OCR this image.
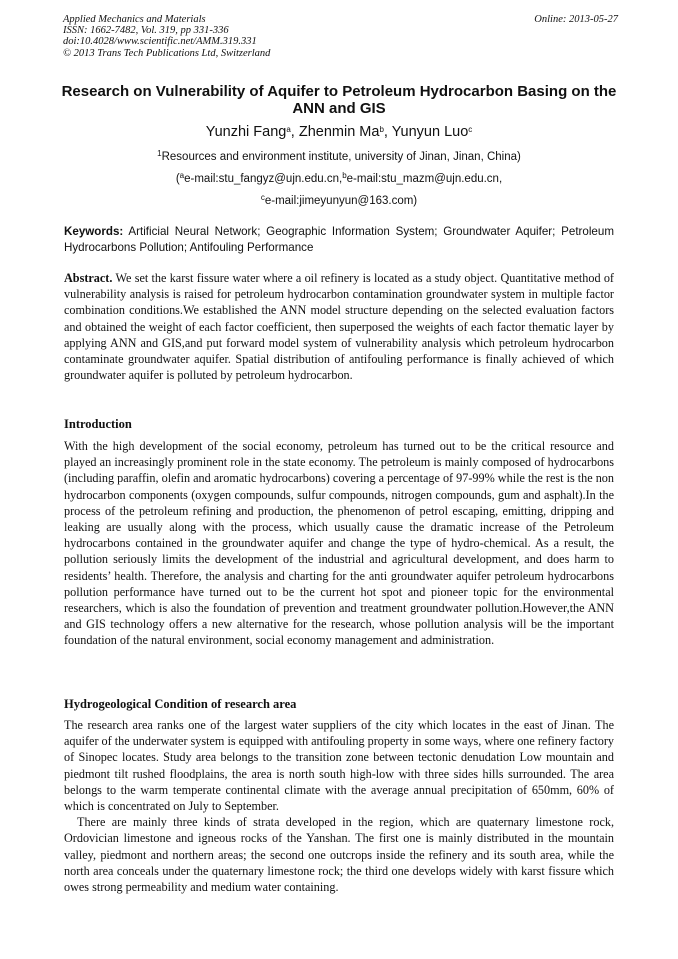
Applied Mechanics and Materials
ISSN: 1662-7482, Vol. 319, pp 331-336
doi:10.4028/www.scientific.net/AMM.319.331
© 2013 Trans Tech Publications Ltd, Switzerland
Online: 2013-05-27
Research on Vulnerability of Aquifer to Petroleum Hydrocarbon Basing on the ANN and GIS
Yunzhi Fang$^a$, Zhenmin Ma$^b$, Yunyun Luo$^c$
$^1$Resources and environment institute, university of Jinan, Jinan, China)
($^a$e-mail:stu_fangyz@ujn.edu.cn,$^b$e-mail:stu_mazm@ujn.edu.cn,
$^c$e-mail:jimeyunyun@163.com)
Keywords: Artificial Neural Network; Geographic Information System; Groundwater Aquifer; Petroleum Hydrocarbons Pollution; Antifouling Performance

Abstract. We set the karst fissure water where a oil refinery is located as a study object. Quantitative method of vulnerability analysis is raised for petroleum hydrocarbon contamination groundwater system in multiple factor combination conditions.We established the ANN model structure depending on the selected evaluation factors and obtained the weight of each factor coefficient, then superposed the weights of each factor thematic layer by applying ANN and GIS,and put forward model system of vulnerability analysis which petroleum hydrocarbon contaminate groundwater aquifer. Spatial distribution of antifouling performance is finally achieved of which groundwater aquifer is polluted by petroleum hydrocarbon.

Introduction

With the high development of the social economy, petroleum has turned out to be the critical resource and played an increasingly prominent role in the state economy. The petroleum is mainly composed of hydrocarbons (including paraffin, olefin and aromatic hydrocarbons) covering a percentage of 97-99% while the rest is the non hydrocarbon components (oxygen compounds, sulfur compounds, nitrogen compounds, gum and asphalt).In the process of the petroleum refining and production, the phenomenon of petrol escaping, emitting, dripping and leaking are usually along with the process, which usually cause the dramatic increase of the Petroleum hydrocarbons contained in the groundwater aquifer and change the type of hydro-chemical. As a result, the pollution seriously limits the development of the industrial and agricultural development, and does harm to residents’ health. Therefore, the analysis and charting for the anti groundwater aquifer petroleum hydrocarbons pollution performance have turned out to be the current hot spot and pioneer topic for the environmental researchers, which is also the foundation of prevention and treatment groundwater pollution.However,the ANN and GIS technology offers a new alternative for the research, whose pollution analysis will be the important foundation of the natural environment, social economy management and administration.

Hydrogeological Condition of research area

The research area ranks one of the largest water suppliers of the city which locates in the east of Jinan. The aquifer of the underwater system is equipped with antifouling property in some ways, where one refinery factory of Sinopec locates. Study area belongs to the transition zone between tectonic denudation Low mountain and piedmont tilt rushed floodplains, the area is north south high-low with three sides hills surrounded. The area belongs to the warm temperate continental climate with the average annual precipitation of 650mm, 60% of which is concentrated on July to September.

There are mainly three kinds of strata developed in the region, which are quaternary limestone rock, Ordovician limestone and igneous rocks of the Yanshan. The first one is mainly distributed in the mountain valley, piedmont and northern areas; the second one outcrops inside the refinery and its south area, while the north area conceals under the quaternary limestone rock; the third one develops widely with karst fissure which owes strong permeability and medium water containing.
